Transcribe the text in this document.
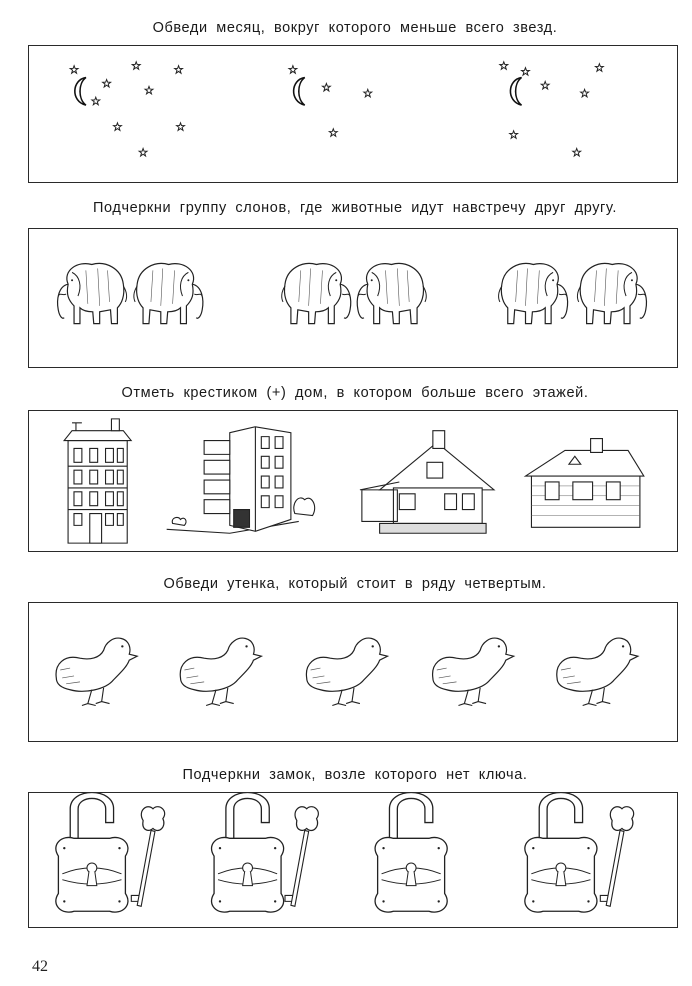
Обведи месяц, вокруг которого меньше всего звезд.
Подчеркни группу слонов, где животные идут навстречу друг другу.
Отметь крестиком (+) дом, в котором больше всего этажей.
Обведи утенка, который стоит в ряду четвертым.
Подчеркни замок, возле которого нет ключа.
42
